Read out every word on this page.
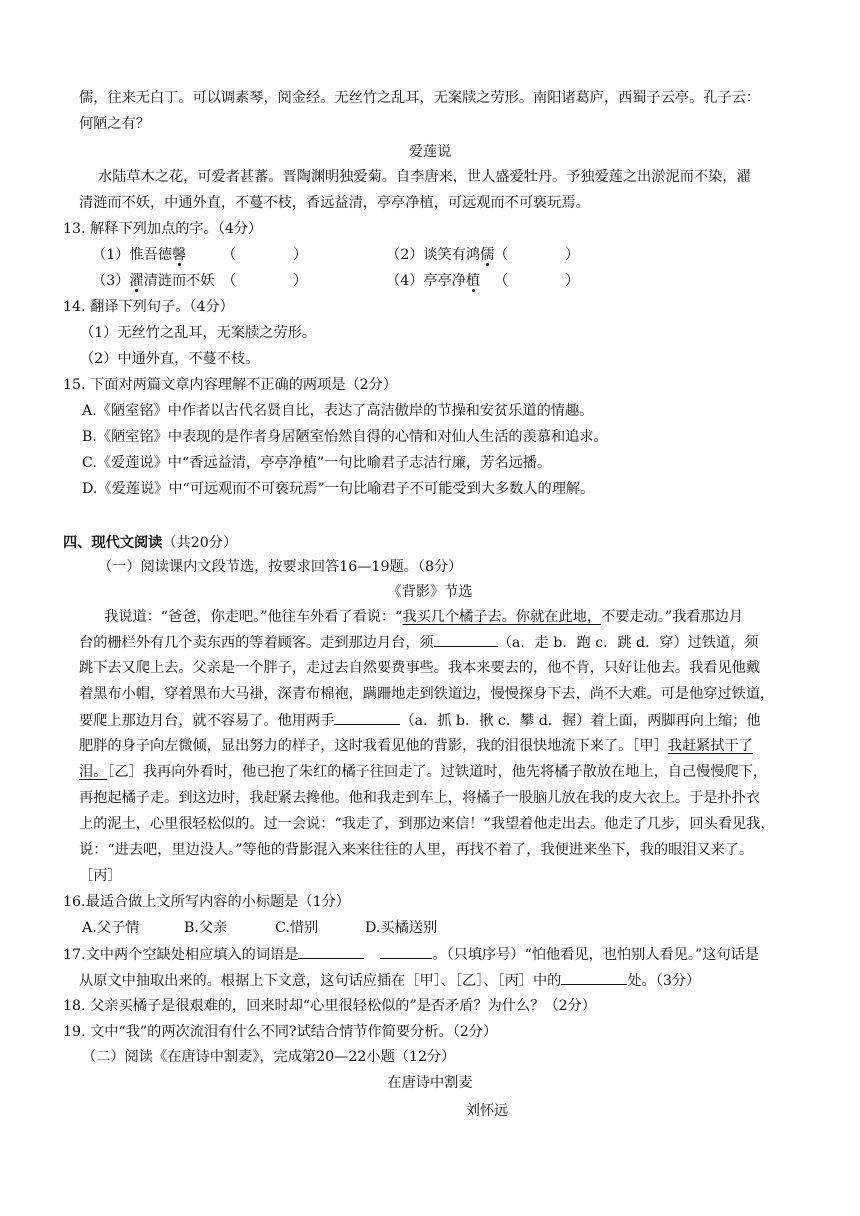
儒，往来无白丁。可以调素琴，阅金经。无丝竹之乱耳，无案牍之劳形。南阳诸葛庐，西蜀子云亭。孔子云：
何陋之有？
爱莲说
水陆草木之花，可爱者甚蕃。晋陶渊明独爱菊。自李唐来，世人盛爱牡丹。予独爱莲之出淤泥而不染，濯
清涟而不妖，中通外直，不蔓不枝，香远益清，亭亭净植，可远观而不可亵玩焉。
13. 解释下列加点的字。（4分）
（1）惟吾德馨	（　　　　）	（2）谈笑有鸿儒 （　　　　）
（3）濯清涟而不妖 （　　　　）	（4）亭亭净植 （　　　　）
14. 翻译下列句子。（4分）
（1）无丝竹之乱耳，无案牍之劳形。
（2）中通外直，不蔓不枝。
15. 下面对两篇文章内容理解不正确的两项是（2分）
A.《陋室铭》中作者以古代名贤自比，表达了高洁傲岸的节操和安贫乐道的情趣。
B.《陋室铭》中表现的是作者身居陋室怡然自得的心情和对仙人生活的羡慕和追求。
C.《爱莲说》中“香远益清，亭亭净植”一句比喻君子志洁行廉，芳名远播。
D.《爱莲说》中“可远观而不可亵玩焉”一句比喻君子不可能受到大多数人的理解。
四、现代文阅读（共20分）
（一）阅读课内文段节选，按要求回答16—19题。（8分）
《背影》节选
我说道：“爸爸，你走吧。”他往车外看了看说：“我买几个橘子去。你就在此地，不要走动。”我看那边月
台的栅栏外有几个卖东西的等着顾客。走到那边月台，须	（a．走 b．跑 c．跳 d．穿）过铁道，须
跳下去又爬上去。父亲是一个胖子，走过去自然要费事些。我本来要去的，他不肯，只好让他去。我看见他戴
着黑布小帽，穿着黑布大马褂，深青布棉袍，蹒跚地走到铁道边，慢慢探身下去，尚不大难。可是他穿过铁道，
要爬上那边月台，就不容易了。他用两手	（a．抓 b．揪 c．攀 d．握）着上面，两脚再向上缩；他
肥胖的身子向左微倾，显出努力的样子，这时我看见他的背影，我的泪很快地流下来了。［甲］我赶紧拭干了
泪。［乙］我再向外看时，他已抱了朱红的橘子往回走了。过铁道时，他先将橘子散放在地上，自己慢慢爬下，
再抱起橘子走。到这边时，我赶紧去搀他。他和我走到车上，将橘子一股脑儿放在我的皮大衣上。于是扑扑衣
上的泥土，心里很轻松似的。过一会说：“我走了，到那边来信！”我望着他走出去。他走了几步，回头看见我，
说：“进去吧，里边没人。”等他的背影混入来来往往的人里，再找不着了，我便进来坐下，我的眼泪又来了。
［丙］
16.最适合做上文所写内容的小标题是（1分）
A.父子情	B.父亲	C.惜别	D.买橘送别
17.文中两个空缺处相应填入的词语是	。（只填序号）“怕他看见，也怕别人看见。”这句话是
从原文中抽取出来的。根据上下文意，这句话应插在［甲］、［乙］、［丙］中的	处。（3分）
18. 父亲买橘子是很艰难的，回来时却“心里很轻松似的”是否矛盾？为什么？（2分）
19. 文中“我”的两次流泪有什么不同?试结合情节作简要分析。（2分）
（二）阅读《在唐诗中割麦》，完成第20—22小题（12分）
在唐诗中割麦
刘怀远
